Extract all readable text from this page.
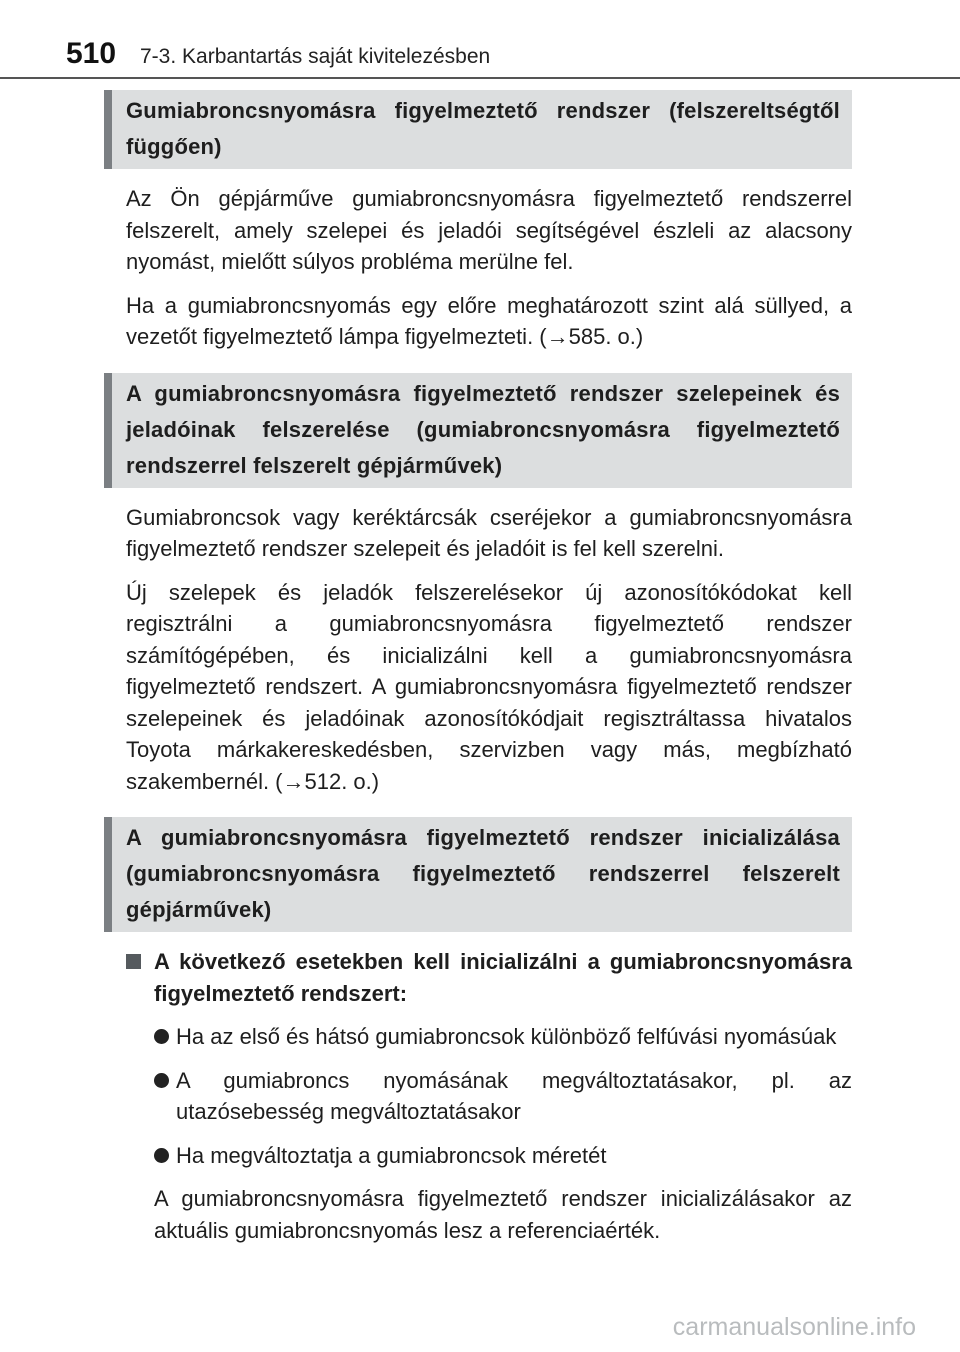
510 7-3. Karbantartás saját kivitelezésben
Gumiabroncsnyomásra figyelmeztető rendszer (felszereltségtől függően)

Az Ön gépjárműve gumiabroncsnyomásra figyelmeztető rendszerrel felszerelt, amely szelepei és jeladói segítségével észleli az alacsony nyomást, mielőtt súlyos probléma merülne fel.

Ha a gumiabroncsnyomás egy előre meghatározott szint alá süllyed, a vezetőt figyelmeztető lámpa figyelmezteti. (→585. o.)

A gumiabroncsnyomásra figyelmeztető rendszer szelepeinek és jeladóinak felszerelése (gumiabroncsnyomásra figyelmeztető rendszerrel felszerelt gépjárművek)

Gumiabroncsok vagy keréktárcsák cseréjekor a gumiabroncsnyomásra figyelmeztető rendszer szelepeit és jeladóit is fel kell szerelni.

Új szelepek és jeladók felszerelésekor új azonosítókódokat kell regisztrálni a gumiabroncsnyomásra figyelmeztető rendszer számítógépében, és inicializálni kell a gumiabroncsnyomásra figyelmeztető rendszert. A gumiabroncsnyomásra figyelmeztető rendszer szelepeinek és jeladóinak azonosítókódjait regisztráltassa hivatalos Toyota márkakereskedésben, szervizben vagy más, megbízható szakembernél. (→512. o.)

A gumiabroncsnyomásra figyelmeztető rendszer inicializálása (gumiabroncsnyomásra figyelmeztető rendszerrel felszerelt gépjárművek)
A következő esetekben kell inicializálni a gumiabroncsnyomásra figyelmeztető rendszert:
Ha az első és hátsó gumiabroncsok különböző felfúvási nyomásúak
A gumiabroncs nyomásának megváltoztatásakor, pl. az utazósebesség megváltoztatásakor
Ha megváltoztatja a gumiabroncsok méretét

A gumiabroncsnyomásra figyelmeztető rendszer inicializálásakor az aktuális gumiabroncsnyomás lesz a referenciaérték.

carmanualsonline.info
